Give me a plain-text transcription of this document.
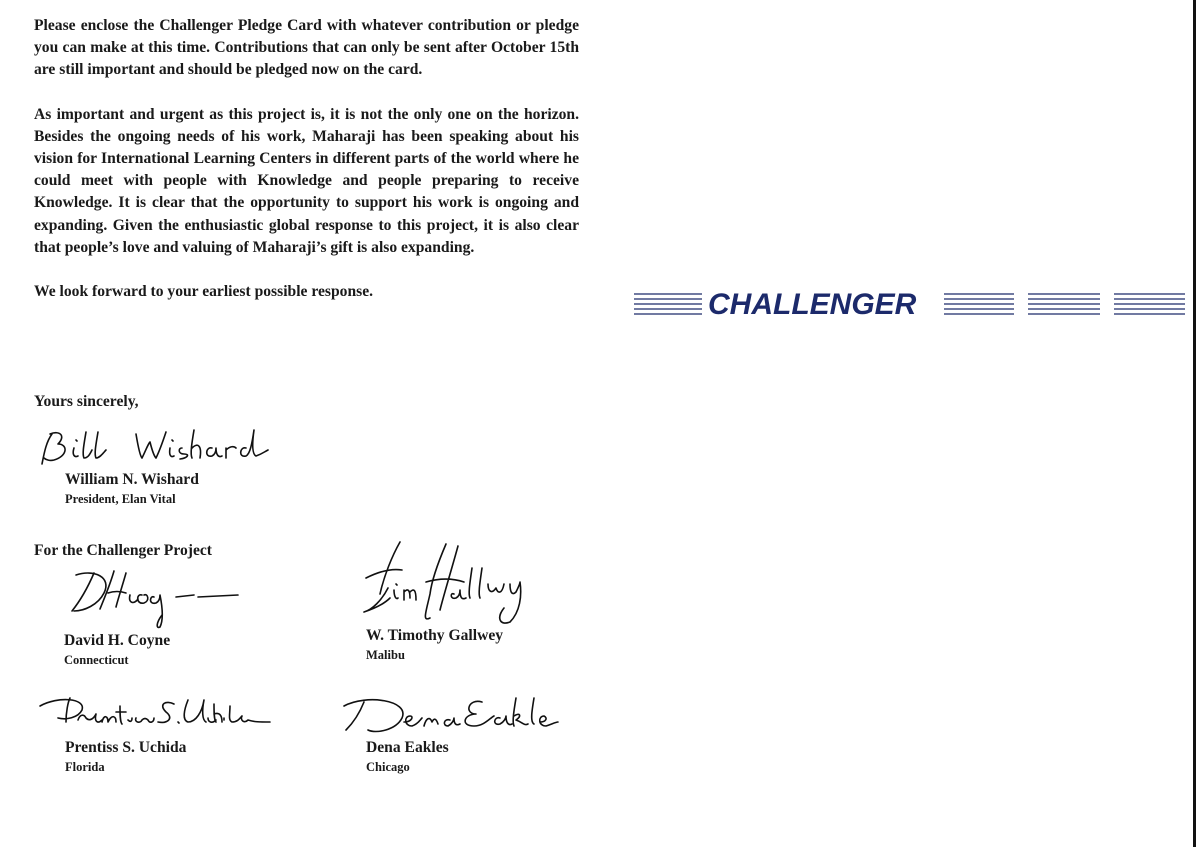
Please enclose the Challenger Pledge Card with whatever contribution or pledge you can make at this time. Contributions that can only be sent after October 15th are still important and should be pledged now on the card.

As important and urgent as this project is, it is not the only one on the horizon. Besides the ongoing needs of his work, Maharaji has been speaking about his vision for International Learning Centers in different parts of the world where he could meet with people with Knowledge and people preparing to receive Knowledge. It is clear that the opportunity to support his work is ongoing and expanding. Given the enthusiastic global response to this project, it is also clear that people’s love and valuing of Maharaji’s gift is also expanding.

We look forward to your earliest possible response.

Yours sincerely,
William N. Wishard
President, Elan Vital
For the Challenger Project
David H. Coyne
Connecticut
W. Timothy Gallwey
Malibu
Prentiss S. Uchida
Florida
Dena Eakles
Chicago
CHALLENGER
